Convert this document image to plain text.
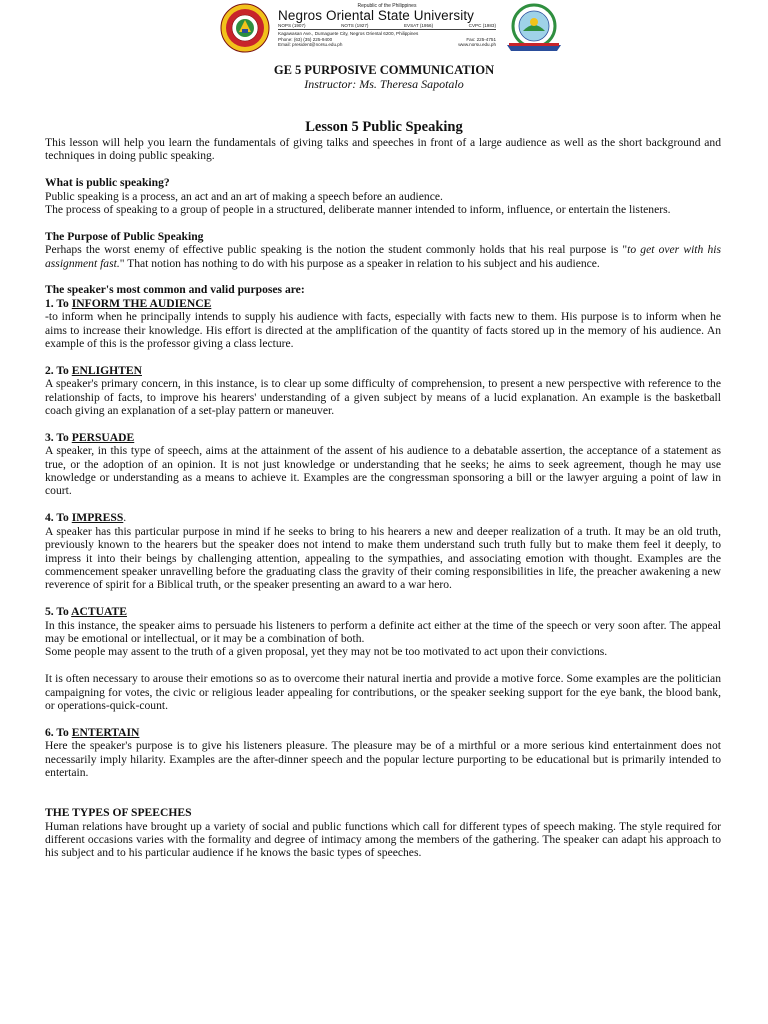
Republic of the Philippines
Negros Oriental State University
NOPS (1907)	NOTS (1927)	EVSAT (1956)	CVPC (1983)
Kagawasan Ave., Dumaguete City, Negros Oriental 6200, Philippines
Phone: (63) (35) 225-9400	Fax: 225-4751
Email: president@norsu.edu.ph	www.norsu.edu.ph
GE 5 PURPOSIVE COMMUNICATION
Instructor: Ms. Theresa Sapotalo
Lesson 5 Public Speaking

This lesson will help you learn the fundamentals of giving talks and speeches in front of a large audience as well as the short background and techniques in doing public speaking.

What is public speaking?

Public speaking is a process, an act and an art of making a speech before an audience.

The process of speaking to a group of people in a structured, deliberate manner intended to inform, influence, or entertain the listeners.

The Purpose of Public Speaking

Perhaps the worst enemy of effective public speaking is the notion the student commonly holds that his real purpose is "to get over with his assignment fast." That notion has nothing to do with his purpose as a speaker in relation to his subject and his audience.

The speaker's most common and valid purposes are:

1. To INFORM THE AUDIENCE

-to inform when he principally intends to supply his audience with facts, especially with facts new to them. His purpose is to inform when he aims to increase their knowledge. His effort is directed at the amplification of the quantity of facts stored up in the memory of his audience. An example of this is the professor giving a class lecture.

2. To ENLIGHTEN

A speaker's primary concern, in this instance, is to clear up some difficulty of comprehension, to present a new perspective with reference to the relationship of facts, to improve his hearers' understanding of a given subject by means of a lucid explanation. An example is the basketball coach giving an explanation of a set-play pattern or maneuver.

3. To PERSUADE

A speaker, in this type of speech, aims at the attainment of the assent of his audience to a debatable assertion, the acceptance of a statement as true, or the adoption of an opinion. It is not just knowledge or understanding that he seeks; he aims to seek agreement, though he may use knowledge or understanding as a means to achieve it. Examples are the congressman sponsoring a bill or the lawyer arguing a point of law in court.

4. To IMPRESS.

A speaker has this particular purpose in mind if he seeks to bring to his hearers a new and deeper realization of a truth. It may be an old truth, previously known to the hearers but the speaker does not intend to make them understand such truth fully but to make them feel it deeply, to impress it into their beings by challenging attention, appealing to the sympathies, and associating emotion with thought. Examples are the commencement speaker unravelling before the graduating class the gravity of their coming responsibilities in life, the preacher awakening a new reverence of spirit for a Biblical truth, or the speaker presenting an award to a war hero.

5. To ACTUATE

In this instance, the speaker aims to persuade his listeners to perform a definite act either at the time of the speech or very soon after. The appeal may be emotional or intellectual, or it may be a combination of both.

Some people may assent to the truth of a given proposal, yet they may not be too motivated to act upon their convictions.

It is often necessary to arouse their emotions so as to overcome their natural inertia and provide a motive force. Some examples are the politician campaigning for votes, the civic or religious leader appealing for contributions, or the speaker seeking support for the eye bank, the blood bank, or operations-quick-count.

6. To ENTERTAIN

Here the speaker's purpose is to give his listeners pleasure. The pleasure may be of a mirthful or a more serious kind entertainment does not necessarily imply hilarity. Examples are the after-dinner speech and the popular lecture purporting to be educational but is primarily intended to entertain.

THE TYPES OF SPEECHES

Human relations have brought up a variety of social and public functions which call for different types of speech making. The style required for different occasions varies with the formality and degree of intimacy among the members of the gathering. The speaker can adapt his approach to his subject and to his particular audience if he knows the basic types of speeches.
